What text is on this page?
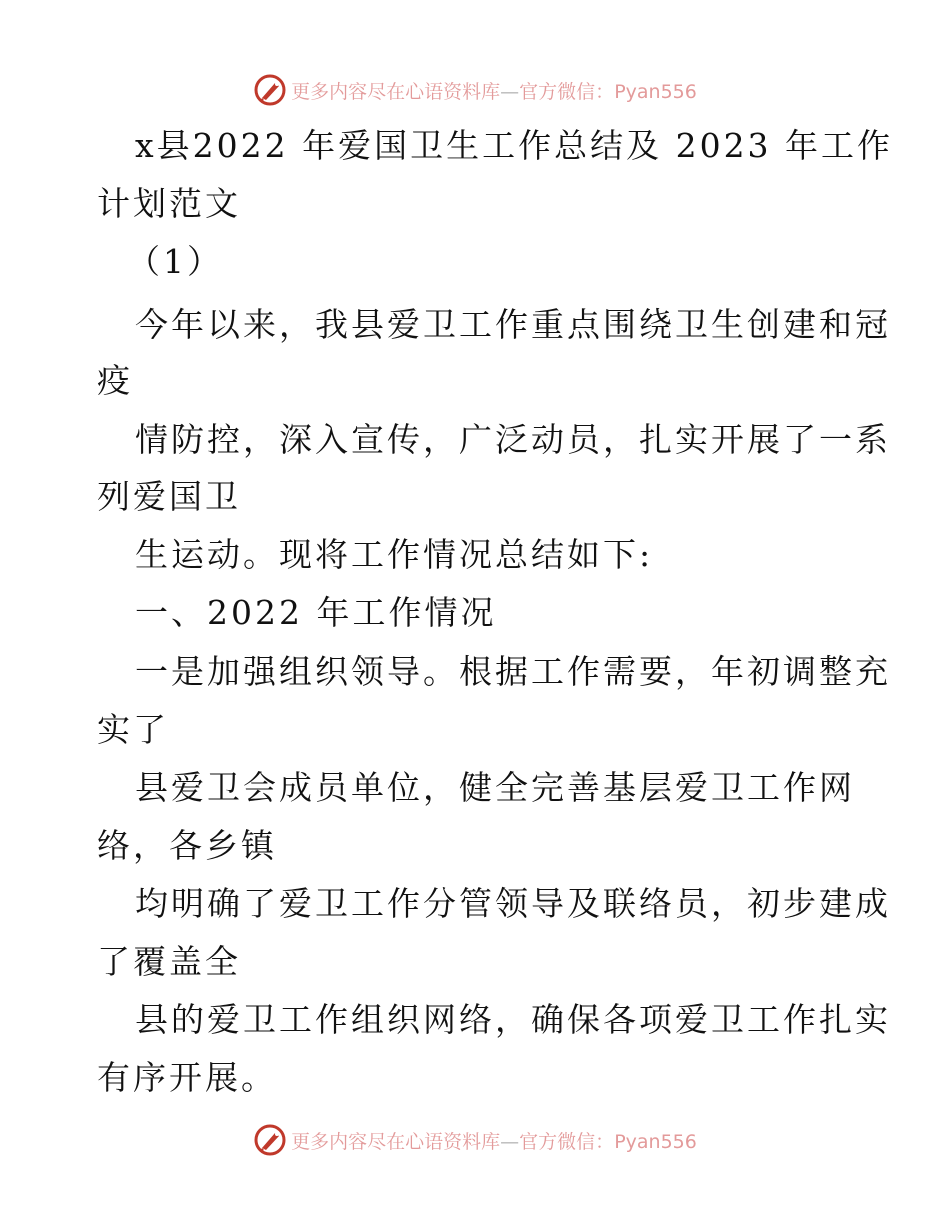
更多内容尽在心语资料库—官方微信：Pyan556
x县2022 年爱国卫生工作总结及 2023 年工作
计划范文
（1）
今年以来，我县爱卫工作重点围绕卫生创建和冠
疫
情防控，深入宣传，广泛动员，扎实开展了一系
列爱国卫
生运动。现将工作情况总结如下:
一、2022 年工作情况
一是加强组织领导。根据工作需要，年初调整充
实了
县爱卫会成员单位，健全完善基层爱卫工作网
络，各乡镇
均明确了爱卫工作分管领导及联络员，初步建成
了覆盖全
县的爱卫工作组织网络，确保各项爱卫工作扎实
有序开展。
更多内容尽在心语资料库—官方微信：Pyan556
